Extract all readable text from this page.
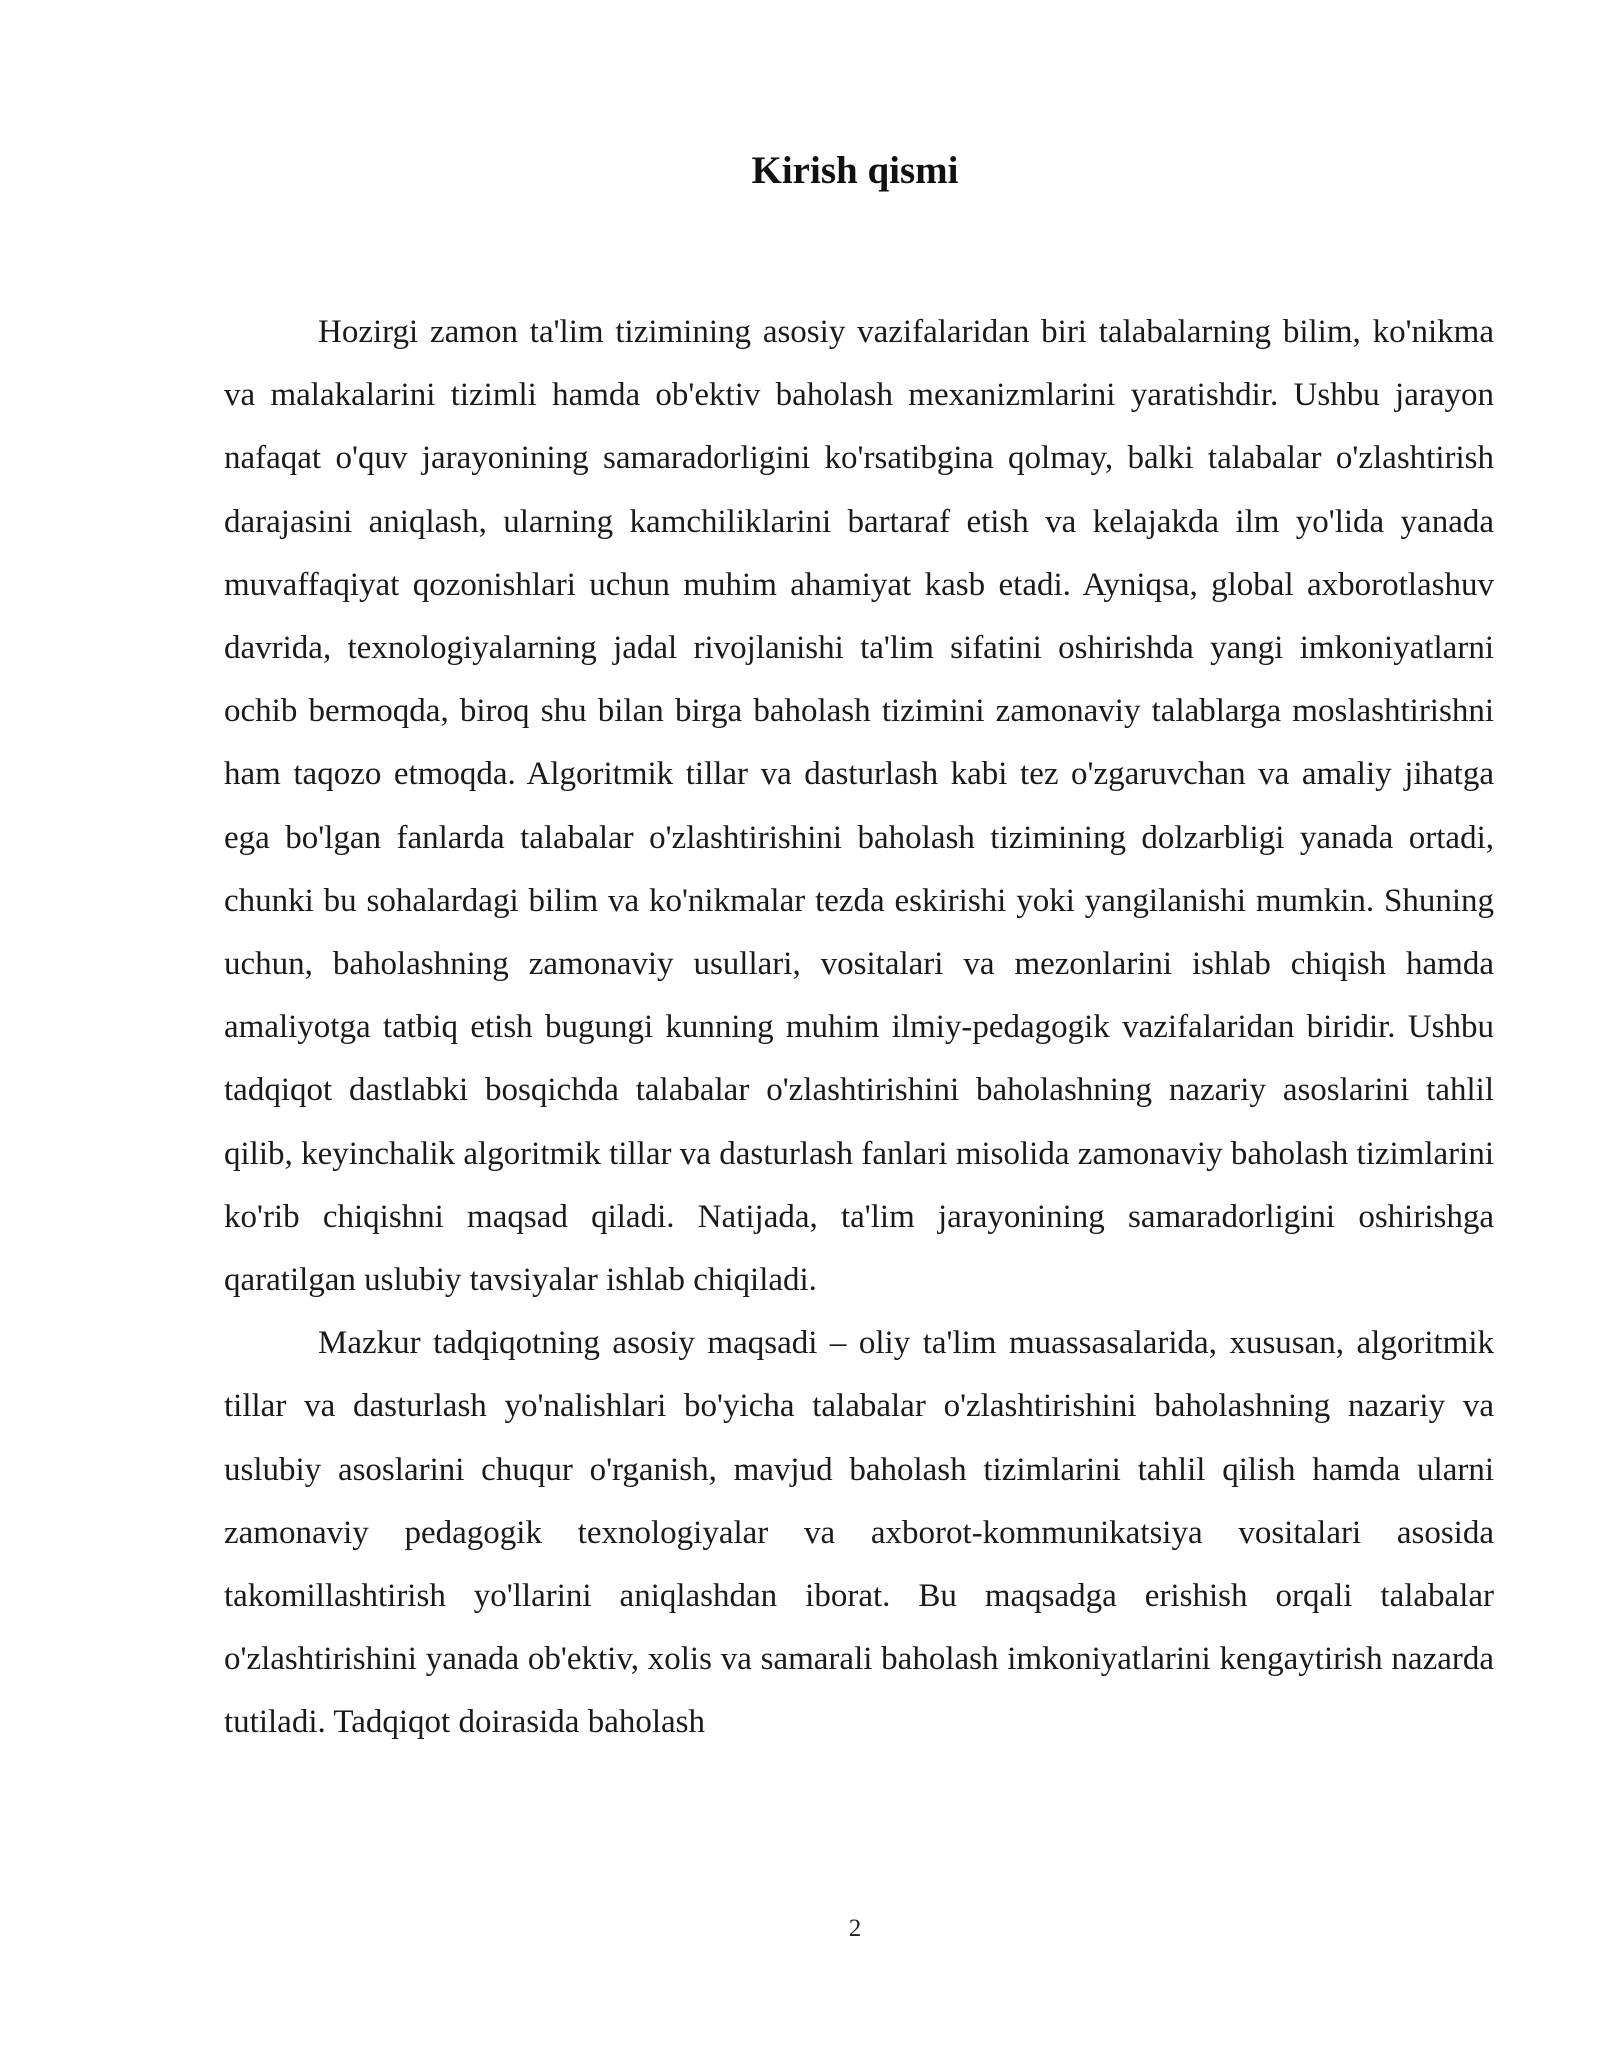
Kirish qismi

Hozirgi zamon ta'lim tizimining asosiy vazifalaridan biri talabalarning bilim, ko'nikma va malakalarini tizimli hamda ob'ektiv baholash mexanizmlarini yaratishdir. Ushbu jarayon nafaqat o'quv jarayonining samaradorligini ko'rsatibgina qolmay, balki talabalar o'zlashtirish darajasini aniqlash, ularning kamchiliklarini bartaraf etish va kelajakda ilm yo'lida yanada muvaffaqiyat qozonishlari uchun muhim ahamiyat kasb etadi. Ayniqsa, global axborotlashuv davrida, texnologiyalarning jadal rivojlanishi ta'lim sifatini oshirishda yangi imkoniyatlarni ochib bermoqda, biroq shu bilan birga baholash tizimini zamonaviy talablarga moslashtirishni ham taqozo etmoqda. Algoritmik tillar va dasturlash kabi tez o'zgaruvchan va amaliy jihatga ega bo'lgan fanlarda talabalar o'zlashtirishini baholash tizimining dolzarbligi yanada ortadi, chunki bu sohalardagi bilim va ko'nikmalar tezda eskirishi yoki yangilanishi mumkin. Shuning uchun, baholashning zamonaviy usullari, vositalari va mezonlarini ishlab chiqish hamda amaliyotga tatbiq etish bugungi kunning muhim ilmiy-pedagogik vazifalaridan biridir. Ushbu tadqiqot dastlabki bosqichda talabalar o'zlashtirishini baholashning nazariy asoslarini tahlil qilib, keyinchalik algoritmik tillar va dasturlash fanlari misolida zamonaviy baholash tizimlarini ko'rib chiqishni maqsad qiladi. Natijada, ta'lim jarayonining samaradorligini oshirishga qaratilgan uslubiy tavsiyalar ishlab chiqiladi.

Mazkur tadqiqotning asosiy maqsadi – oliy ta'lim muassasalarida, xususan, algoritmik tillar va dasturlash yo'nalishlari bo'yicha talabalar o'zlashtirishini baholashning nazariy va uslubiy asoslarini chuqur o'rganish, mavjud baholash tizimlarini tahlil qilish hamda ularni zamonaviy pedagogik texnologiyalar va axborot-kommunikatsiya vositalari asosida takomillashtirish yo'llarini aniqlashdan iborat. Bu maqsadga erishish orqali talabalar o'zlashtirishini yanada ob'ektiv, xolis va samarali baholash imkoniyatlarini kengaytirish nazarda tutiladi. Tadqiqot doirasida baholash

2
